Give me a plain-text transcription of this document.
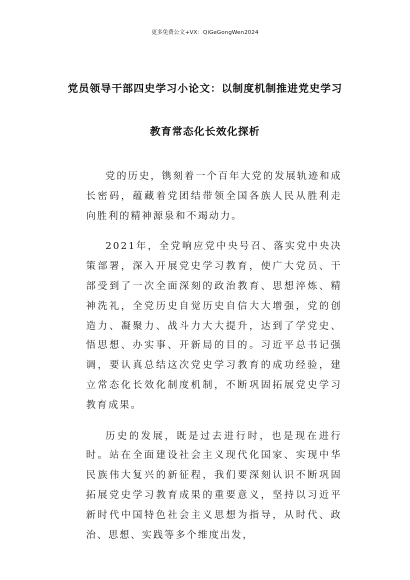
更多免费公文+VX：QiGeGongWen2024
党员领导干部四史学习小论文：以制度机制推进党史学习
教育常态化长效化探析

党的历史，镌刻着一个百年大党的发展轨迹和成长密码，蕴藏着党团结带领全国各族人民从胜利走向胜利的精神源泉和不竭动力。

2021年，全党响应党中央号召、落实党中央决策部署，深入开展党史学习教育，使广大党员、干部受到了一次全面深刻的政治教育、思想淬炼、精神洗礼，全党历史自觉历史自信大大增强，党的创造力、凝聚力、战斗力大大提升，达到了学党史、悟思想、办实事、开新局的目的。习近平总书记强调，要认真总结这次党史学习教育的成功经验，建立常态化长效化制度机制，不断巩固拓展党史学习教育成果。

历史的发展，既是过去进行时，也是现在进行时。站在全面建设社会主义现代化国家、实现中华民族伟大复兴的新征程，我们要深刻认识不断巩固拓展党史学习教育成果的重要意义，坚持以习近平新时代中国特色社会主义思想为指导，从时代、政治、思想、实践等多个维度出发，
